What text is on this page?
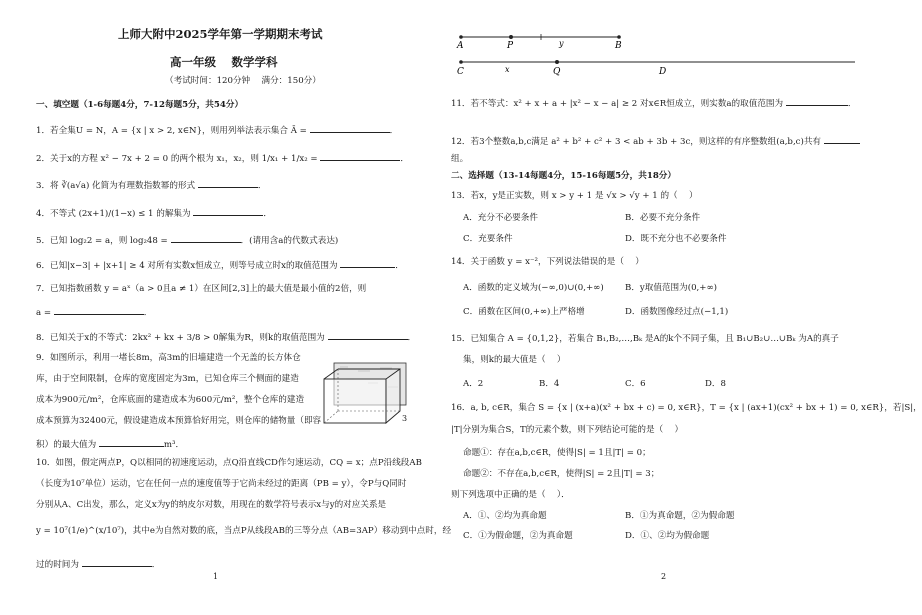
上师大附中2025学年第一学期期末考试
高一年级　 数学学科
（考试时间：120分钟　 满分：150分）
一、填空题（1-6每题4分，7-12每题5分，共54分）
1．若全集U = N，A = {x | x > 2, x∈N}，则用列举法表示集合 Ā =	．
2．关于x的方程 x² − 7x + 2 = 0 的两个根为 x₁，x₂，则 1/x₁ + 1/x₂ =	．
3．将 ∛(a√a) 化简为有理数指数幂的形式	．
4．不等式 (2x+1)/(1−x) ≤ 1 的解集为	．
5．已知 log₂2 = a，则 log₂48 =	．(请用含a的代数式表达)
6．已知|x−3| + |x+1| ≥ 4 对所有实数x恒成立，则等号成立时x的取值范围为	．
7．已知指数函数 y = aˣ（a > 0且a ≠ 1）在区间[2,3]上的最大值是最小值的2倍，则
a =	．
8．已知关于x的不等式：2kx² + kx + 3/8 > 0解集为R，则k的取值范围为	．
9．如图所示，利用一堵长8m，高3m的旧墙建造一个无盖的长方体仓
库，由于空间限制，仓库的宽度固定为3m，已知仓库三个侧面的建造
成本为900元/m²，仓库底面的建造成本为600元/m²，整个仓库的建造
成本预算为32400元，假设建造成本预算恰好用完，则仓库的储物量（即容
积）的最大值为	m³．
3
10．如图，假定两点P，Q以相同的初速度运动，点Q沿直线CD作匀速运动，CQ = x；点P沿线段AB
（长度为10⁷单位）运动，它在任何一点的速度值等于它尚未经过的距离（PB = y），令P与Q同时
分别从A、C出发，那么，定义x为y的纳皮尔对数，用现在的数学符号表示x与y的对应关系是
y = 10⁷(1/e)^(x/10⁷)，其中e为自然对数的底，当点P从线段AB的三等分点（AB=3AP）移动到中点时，经
过的时间为	．
1
A	P	y	B
C	x	Q	D
11．若不等式：x² + x + a + |x² − x − a| ≥ 2 对x∈R恒成立，则实数a的取值范围为	．
12．若3个整数a,b,c满足 a² + b² + c² + 3 < ab + 3b + 3c，则这样的有序整数组(a,b,c)共有
组。
二、选择题（13-14每题4分，15-16每题5分，共18分）
13．若x，y是正实数，则 x > y + 1 是 √x > √y + 1 的（　 ）
A．充分不必要条件	B．必要不充分条件
C．充要条件	D．既不充分也不必要条件
14．关于函数 y = x⁻²，下列说法错误的是（　 ）
A．函数的定义域为(−∞,0)∪(0,+∞) B．y取值范围为(0,+∞)
C．函数在区间(0,+∞)上严格增	D．函数图像经过点(−1,1)
15．已知集合 A = {0,1,2}，若集合 B₁,B₂,…,Bₖ 是A的k个不同子集，且 B₁∪B₂∪…∪Bₖ 为A的真子
集，则k的最大值是（　 ）
A．2	B．4	C．6	D．8
16．a, b, c∈R，集合 S = {x | (x+a)(x² + bx + c) = 0, x∈R}，T = {x | (ax+1)(cx² + bx + 1) = 0, x∈R}，若|S|，
|T|分别为集合S，T的元素个数，则下列结论可能的是（　 ）
命题①：存在a,b,c∈R，使得|S| = 1且|T| = 0；
命题②：不存在a,b,c∈R，使得|S| = 2且|T| = 3；
则下列选项中正确的是（　 ）．
A．①、②均为真命题	B．①为真命题，②为假命题
C．①为假命题，②为真命题	D．①、②均为假命题
2
